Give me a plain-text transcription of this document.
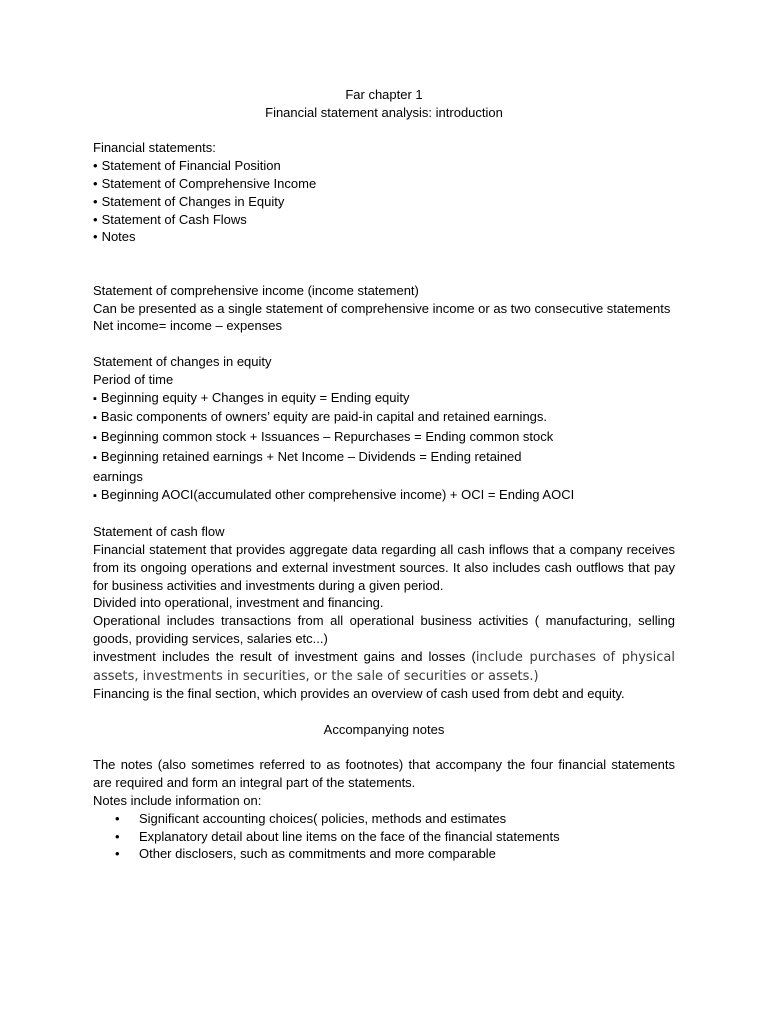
Far chapter 1
Financial statement analysis: introduction
Financial statements:
• Statement of Financial Position
• Statement of Comprehensive Income
• Statement of Changes in Equity
• Statement of Cash Flows
• Notes
Statement of comprehensive income (income statement)
Can be presented as a single statement of comprehensive income or as two consecutive statements
Net income= income – expenses
Statement of changes in equity
Period of time
▪ Beginning equity + Changes in equity = Ending equity
▪ Basic components of owners’ equity are paid-in capital and retained earnings.
▪ Beginning common stock + Issuances – Repurchases = Ending common stock
▪ Beginning retained earnings + Net Income – Dividends = Ending retained
earnings
▪ Beginning AOCI(accumulated other comprehensive income) + OCI = Ending AOCI
Statement of cash flow
Financial statement that provides aggregate data regarding all cash inflows that a company receives from its ongoing operations and external investment sources. It also includes cash outflows that pay for business activities and investments during a given period.
Divided into operational, investment and financing.
Operational includes transactions from all operational business activities ( manufacturing, selling goods, providing services, salaries etc...)
investment includes the result of investment gains and losses (include purchases of physical assets, investments in securities, or the sale of securities or assets.)
Financing is the final section, which provides an overview of cash used from debt and equity.
Accompanying notes
The notes (also sometimes referred to as footnotes) that accompany the four financial statements are required and form an integral part of the statements.
Notes include information on:
• Significant accounting choices( policies, methods and estimates
• Explanatory detail about line items on the face of the financial statements
• Other disclosers, such as commitments and more comparable
